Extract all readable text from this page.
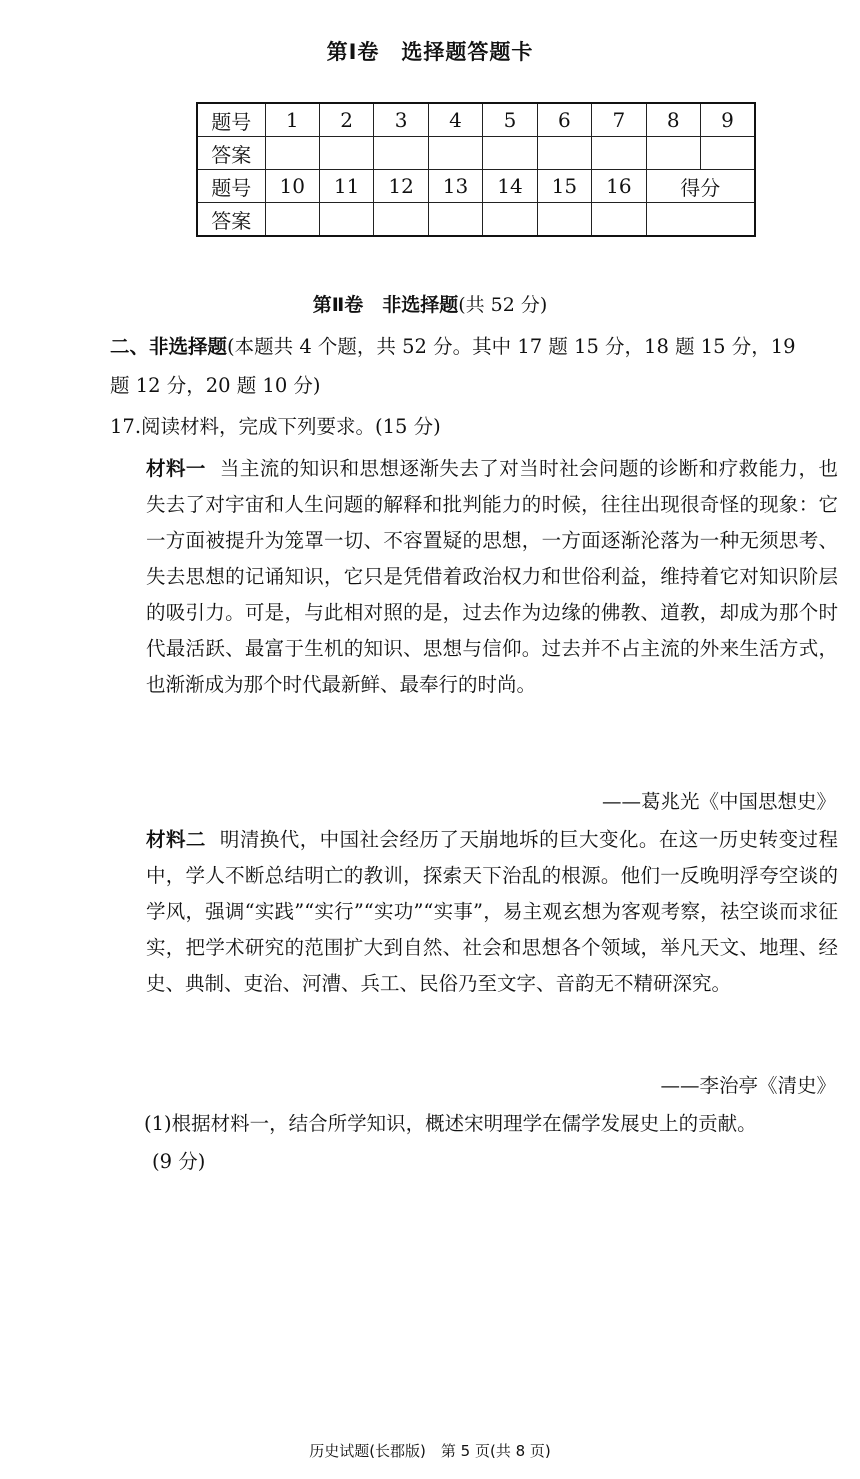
第Ⅰ卷　选择题答题卡
题号	1	2	3	4	5	6	7	8	9
答案									
题号	10	11	12	13	14	15	16	得分	
答案									
第Ⅱ卷　非选择题(共 52 分)
二、非选择题(本题共 4 个题，共 52 分。其中 17 题 15 分，18 题 15 分，19
题 12 分，20 题 10 分)
17.阅读材料，完成下列要求。(15 分)
材料一 当主流的知识和思想逐渐失去了对当时社会问题的诊断和疗救能力，也失去了对宇宙和人生问题的解释和批判能力的时候，往往出现很奇怪的现象：它一方面被提升为笼罩一切、不容置疑的思想，一方面逐渐沦落为一种无须思考、失去思想的记诵知识，它只是凭借着政治权力和世俗利益，维持着它对知识阶层的吸引力。可是，与此相对照的是，过去作为边缘的佛教、道教，却成为那个时代最活跃、最富于生机的知识、思想与信仰。过去并不占主流的外来生活方式，也渐渐成为那个时代最新鲜、最奉行的时尚。
——葛兆光《中国思想史》
材料二 明清换代，中国社会经历了天崩地坼的巨大变化。在这一历史转变过程中，学人不断总结明亡的教训，探索天下治乱的根源。他们一反晚明浮夸空谈的学风，强调“实践”“实行”“实功”“实事”，易主观玄想为客观考察，祛空谈而求征实，把学术研究的范围扩大到自然、社会和思想各个领域，举凡天文、地理、经史、典制、吏治、河漕、兵工、民俗乃至文字、音韵无不精研深究。
——李治亭《清史》
(1)根据材料一，结合所学知识，概述宋明理学在儒学发展史上的贡献。
(9 分)
历史试题(长郡版)　第 5 页(共 8 页)
